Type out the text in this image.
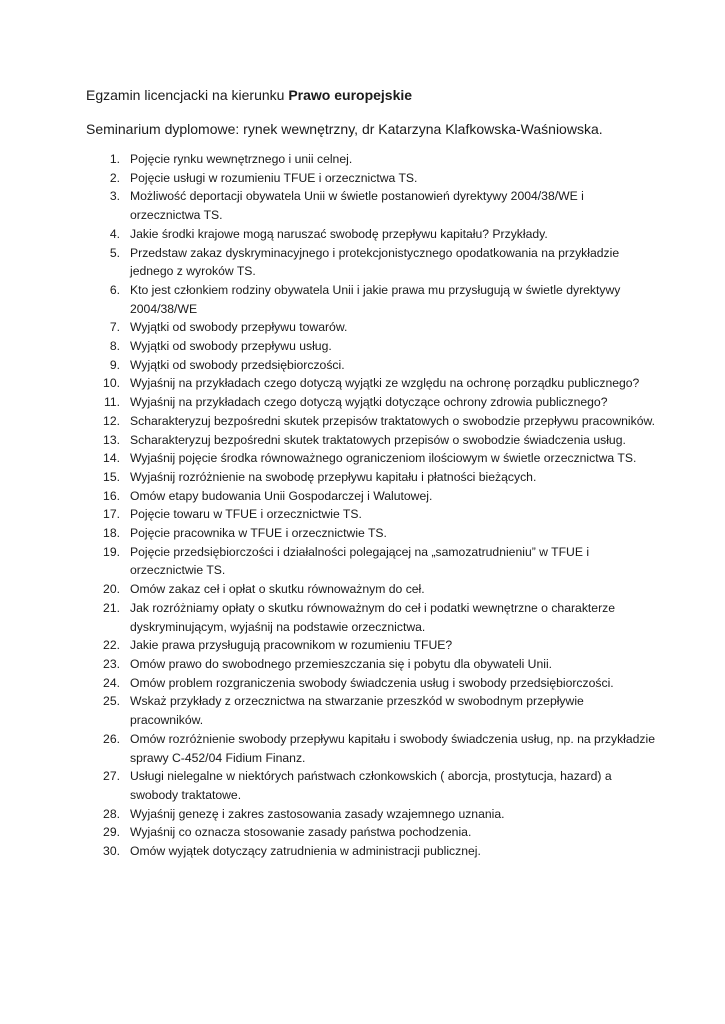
Egzamin licencjacki na kierunku Prawo europejskie
Seminarium dyplomowe: rynek wewnętrzny, dr Katarzyna Klafkowska-Waśniowska.
1. Pojęcie rynku wewnętrznego i unii celnej.
2. Pojęcie usługi w rozumieniu TFUE i orzecznictwa TS.
3. Możliwość deportacji obywatela Unii w świetle postanowień dyrektywy 2004/38/WE i orzecznictwa TS.
4. Jakie środki krajowe mogą naruszać swobodę przepływu kapitału? Przykłady.
5. Przedstaw zakaz dyskryminacyjnego i protekcjonistycznego opodatkowania na przykładzie jednego z wyroków TS.
6. Kto jest członkiem rodziny obywatela Unii i jakie prawa mu przysługują w świetle dyrektywy 2004/38/WE
7. Wyjątki od swobody przepływu towarów.
8. Wyjątki od swobody przepływu usług.
9. Wyjątki od swobody przedsiębiorczości.
10. Wyjaśnij na przykładach czego dotyczą wyjątki ze względu na ochronę porządku publicznego?
11. Wyjaśnij na przykładach czego dotyczą wyjątki dotyczące ochrony zdrowia publicznego?
12. Scharakteryzuj bezpośredni skutek przepisów traktatowych o swobodzie przepływu pracowników.
13. Scharakteryzuj bezpośredni skutek traktatowych przepisów o swobodzie świadczenia usług.
14. Wyjaśnij pojęcie środka równoważnego ograniczeniom ilościowym w świetle orzecznictwa TS.
15. Wyjaśnij rozróżnienie na swobodę przepływu kapitału i płatności bieżących.
16. Omów etapy budowania Unii Gospodarczej i Walutowej.
17. Pojęcie towaru w TFUE i orzecznictwie TS.
18. Pojęcie pracownika w TFUE i orzecznictwie TS.
19. Pojęcie przedsiębiorczości i działalności polegającej na „samozatrudnieniu” w TFUE i orzecznictwie TS.
20. Omów zakaz ceł i opłat o skutku równoważnym do ceł.
21. Jak rozróżniamy opłaty o skutku równoważnym do ceł i podatki wewnętrzne o charakterze dyskryminującym, wyjaśnij na podstawie orzecznictwa.
22. Jakie prawa przysługują pracownikom w rozumieniu TFUE?
23. Omów prawo do swobodnego przemieszczania się i pobytu dla obywateli Unii.
24. Omów problem rozgraniczenia swobody świadczenia usług i swobody przedsiębiorczości.
25. Wskaż przykłady z orzecznictwa na stwarzanie przeszkód w swobodnym przepływie pracowników.
26. Omów rozróżnienie swobody przepływu kapitału i swobody świadczenia usług, np. na przykładzie sprawy C-452/04 Fidium Finanz.
27. Usługi nielegalne w niektórych państwach członkowskich ( aborcja, prostytucja, hazard) a swobody traktatowe.
28. Wyjaśnij genezę i zakres zastosowania zasady wzajemnego uznania.
29. Wyjaśnij co oznacza stosowanie zasady państwa pochodzenia.
30. Omów wyjątek dotyczący zatrudnienia w administracji publicznej.
